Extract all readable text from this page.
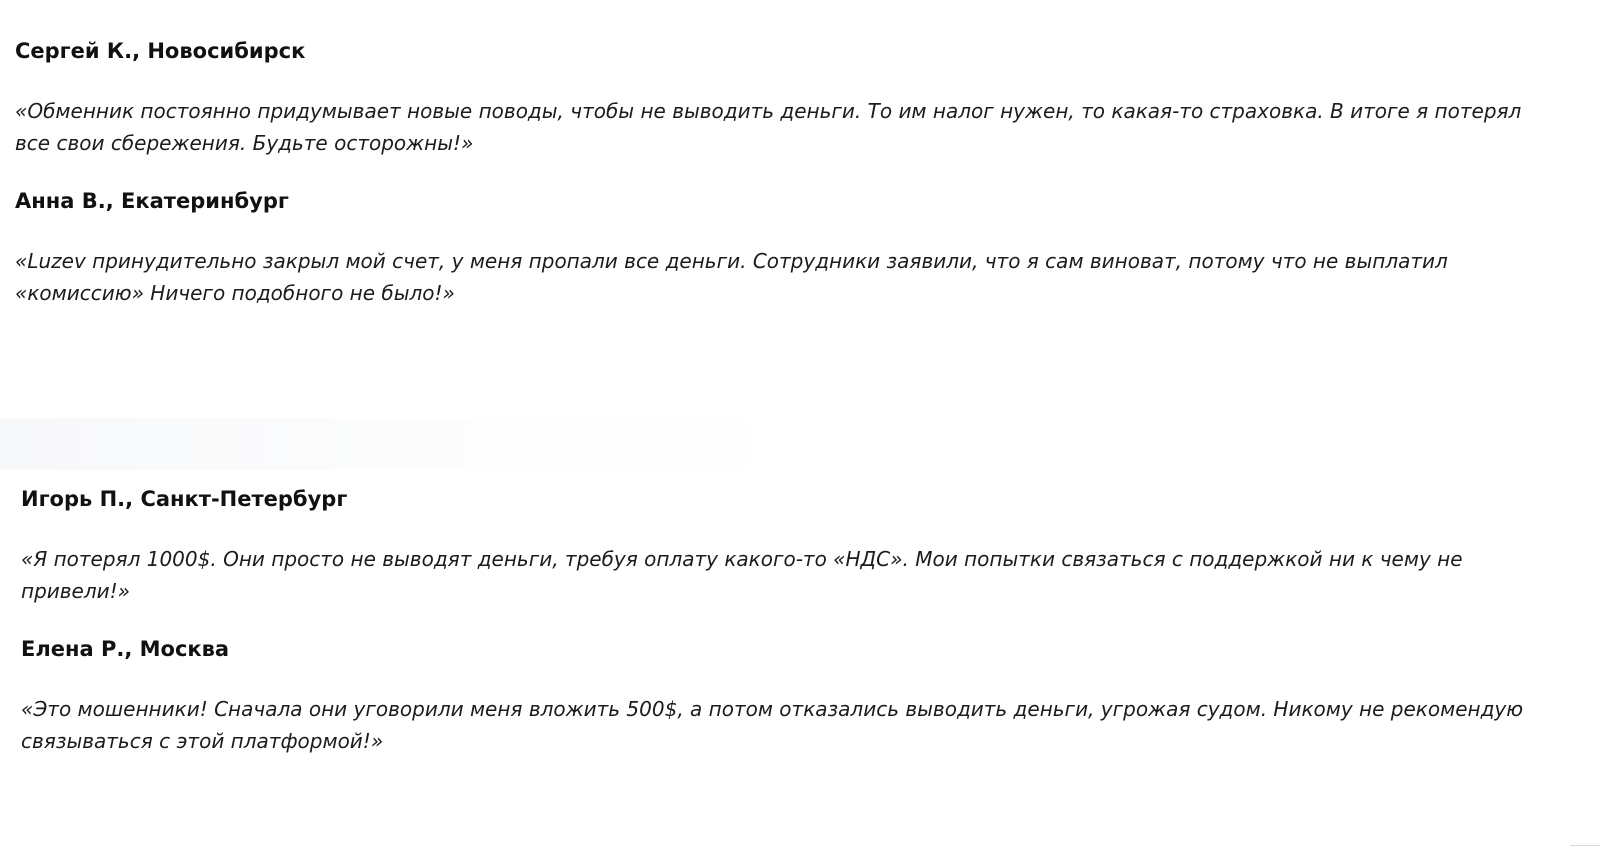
Сергей К., Новосибирск

«Обменник постоянно придумывает новые поводы, чтобы не выводить деньги. То им налог нужен, то какая-то страховка. В итоге я потерял
все свои сбережения. Будьте осторожны!»

Анна В., Екатеринбург

«Luzev принудительно закрыл мой счет, у меня пропали все деньги. Сотрудники заявили, что я сам виноват, потому что не выплатил
«комиссию» Ничего подобного не было!»

Игорь П., Санкт-Петербург

«Я потерял 1000$. Они просто не выводят деньги, требуя оплату какого-то «НДС». Мои попытки связаться с поддержкой ни к чему не
привели!»

Елена Р., Москва

«Это мошенники! Сначала они уговорили меня вложить 500$, а потом отказались выводить деньги, угрожая судом. Никому не рекомендую
связываться с этой платформой!»
